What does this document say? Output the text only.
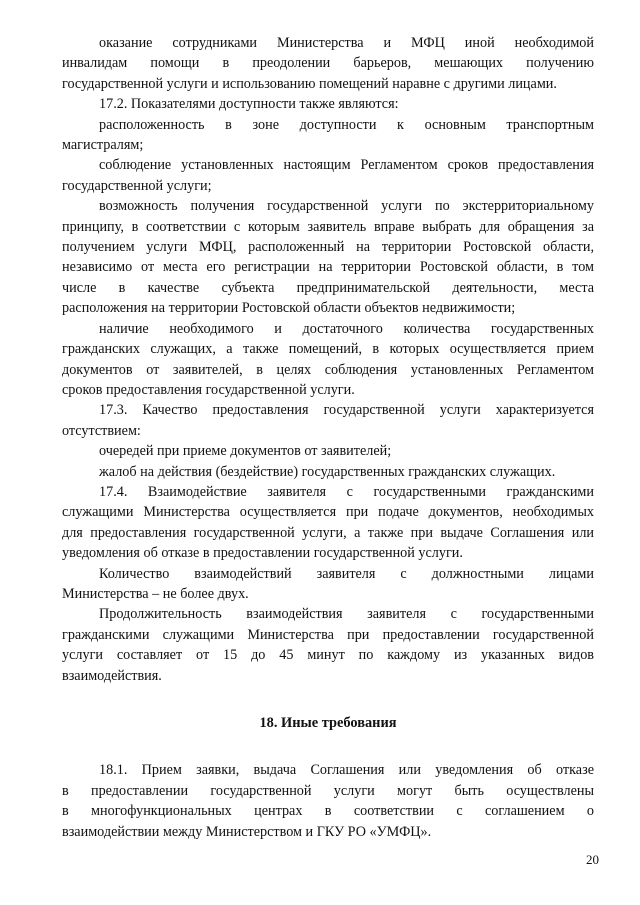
оказание сотрудниками Министерства и МФЦ иной необходимой
инвалидам помощи в преодолении барьеров, мешающих получению
государственной услуги и использованию помещений наравне с другими лицами.

17.2. Показателями доступности также являются:

расположенность в зоне доступности к основным транспортным
магистралям;

соблюдение установленных настоящим Регламентом сроков предоставления
государственной услуги;

возможность получения государственной услуги по экстерриториальному
принципу, в соответствии с которым заявитель вправе выбрать для обращения за
получением услуги МФЦ, расположенный на территории Ростовской области,
независимо от места его регистрации на территории Ростовской области, в том
числе в качестве субъекта предпринимательской деятельности, места
расположения на территории Ростовской области объектов недвижимости;

наличие необходимого и достаточного количества государственных
гражданских служащих, а также помещений, в которых осуществляется прием
документов от заявителей, в целях соблюдения установленных Регламентом
сроков предоставления государственной услуги.

17.3. Качество предоставления государственной услуги характеризуется
отсутствием:

очередей при приеме документов от заявителей;

жалоб на действия (бездействие) государственных гражданских служащих.

17.4. Взаимодействие заявителя с государственными гражданскими
служащими Министерства осуществляется при подаче документов, необходимых
для предоставления государственной услуги, а также при выдаче Соглашения или
уведомления об отказе в предоставлении государственной услуги.

Количество взаимодействий заявителя с должностными лицами
Министерства – не более двух.

Продолжительность взаимодействия заявителя с государственными
гражданскими служащими Министерства при предоставлении государственной
услуги составляет от 15 до 45 минут по каждому из указанных видов
взаимодействия.

18. Иные требования

18.1. Прием заявки, выдача Соглашения или уведомления об отказе
в предоставлении государственной услуги могут быть осуществлены
в многофункциональных центрах в соответствии с соглашением о
взаимодействии между Министерством и ГКУ РО «УМФЦ».

20
